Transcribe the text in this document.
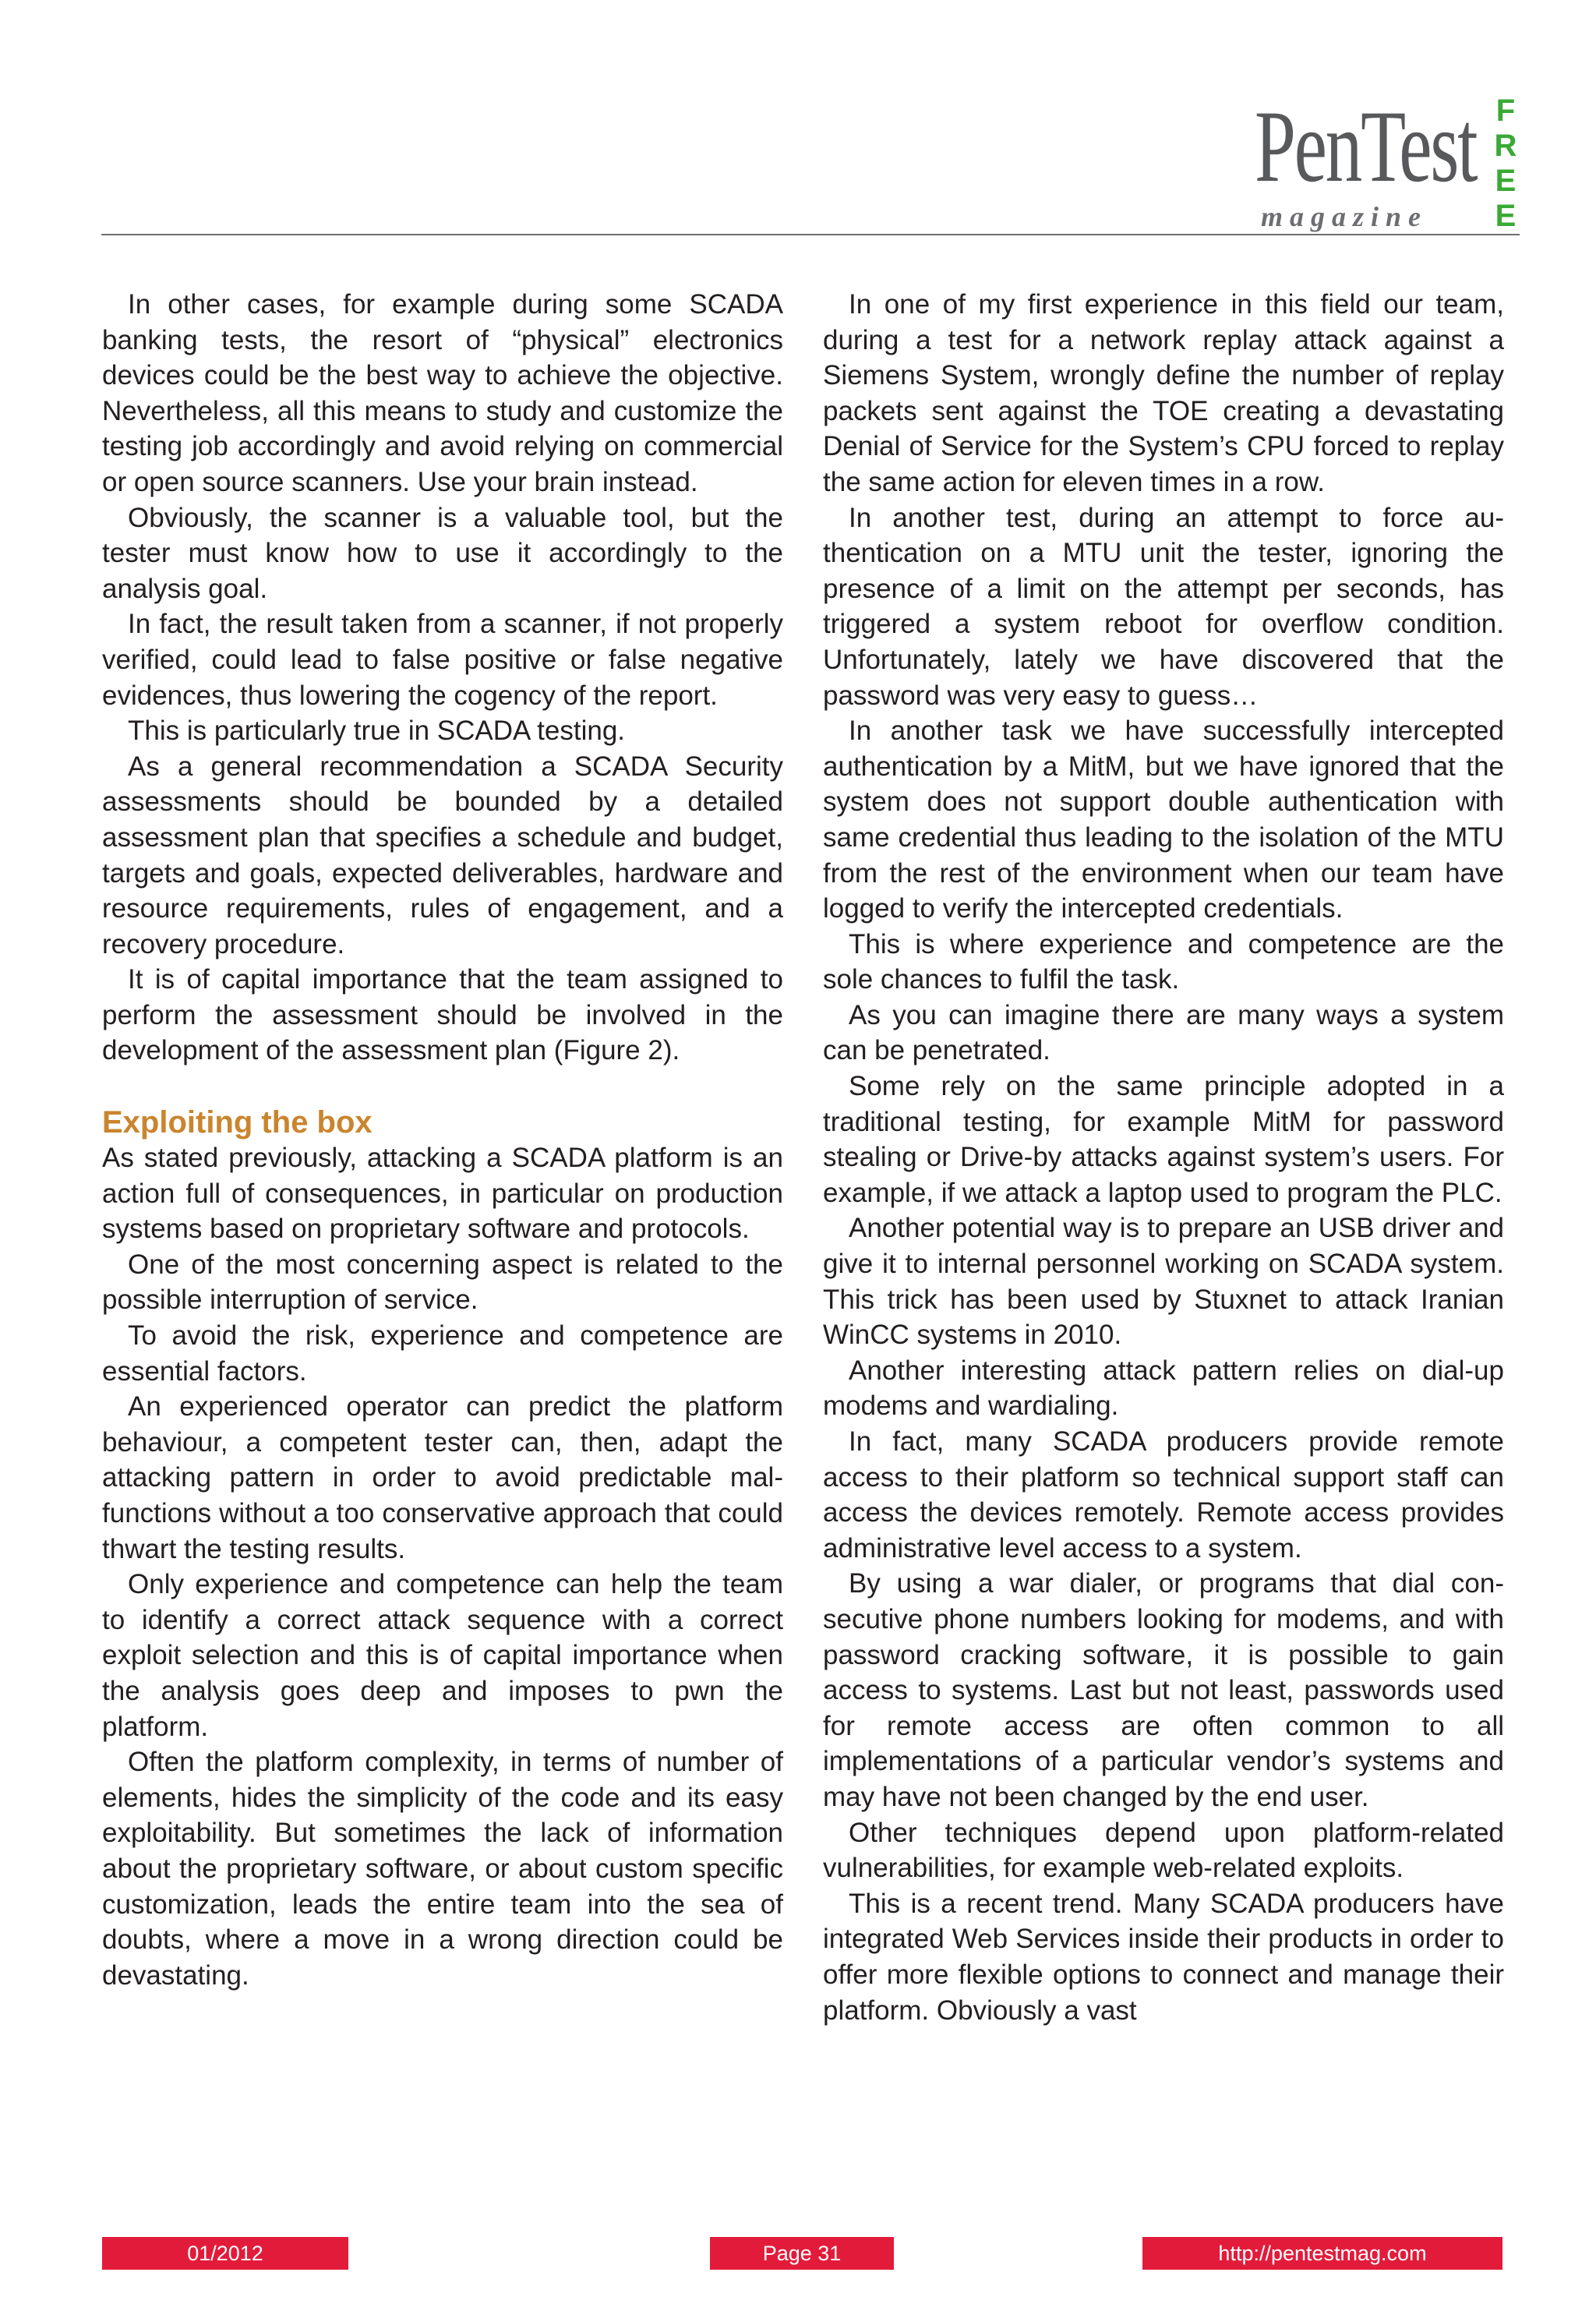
PenTest

magazine

F
R
E
E

In other cases, for example during some SCADA banking tests, the resort of “physical” electronics devices could be the best way to achieve the objective. Nevertheless, all this means to study and customize the testing job accordingly and avoid relying on commercial or open source scanners. Use your brain instead.

Obviously, the scanner is a valuable tool, but the tester must know how to use it accordingly to the analysis goal.

In fact, the result taken from a scanner, if not properly verified, could lead to false positive or false negative evidences, thus lowering the cogency of the report.

This is particularly true in SCADA testing.

As a general recommendation a SCADA Security assessments should be bounded by a detailed assessment plan that specifies a schedule and budget, targets and goals, expected deliverables, hardware and resource requirements, rules of engagement, and a recovery procedure.

It is of capital importance that the team assigned to perform the assessment should be involved in the development of the assessment plan (Figure 2).

Exploiting the box

As stated previously, attacking a SCADA platform is an action full of consequences, in particular on production systems based on proprietary software and protocols.

One of the most concerning aspect is related to the possible interruption of service.

To avoid the risk, experience and competence are essential factors.

An experienced operator can predict the platform behaviour, a competent tester can, then, adapt the attacking pattern in order to avoid predictable malfunctions without a too conservative approach that could thwart the testing results.

Only experience and competence can help the team to identify a correct attack sequence with a correct exploit selection and this is of capital importance when the analysis goes deep and imposes to pwn the platform.

Often the platform complexity, in terms of number of elements, hides the simplicity of the code and its easy exploitability. But sometimes the lack of information about the proprietary software, or about custom specific customization, leads the entire team into the sea of doubts, where a move in a wrong direction could be devastating.

In one of my first experience in this field our team, during a test for a network replay attack against a Siemens System, wrongly define the number of replay packets sent against the TOE creating a devastating Denial of Service for the System’s CPU forced to replay the same action for eleven times in a row.

In another test, during an attempt to force authentication on a MTU unit the tester, ignoring the presence of a limit on the attempt per seconds, has triggered a system reboot for overflow condition. Unfortunately, lately we have discovered that the password was very easy to guess…

In another task we have successfully intercepted authentication by a MitM, but we have ignored that the system does not support double authentication with same credential thus leading to the isolation of the MTU from the rest of the environment when our team have logged to verify the intercepted credentials.

This is where experience and competence are the sole chances to fulfil the task.

As you can imagine there are many ways a system can be penetrated.

Some rely on the same principle adopted in a traditional testing, for example MitM for password stealing or Drive-by attacks against system’s users. For example, if we attack a laptop used to program the PLC.

Another potential way is to prepare an USB driver and give it to internal personnel working on SCADA system. This trick has been used by Stuxnet to attack Iranian WinCC systems in 2010.

Another interesting attack pattern relies on dial-up modems and wardialing.

In fact, many SCADA producers provide remote access to their platform so technical support staff can access the devices remotely. Remote access provides administrative level access to a system.

By using a war dialer, or programs that dial consecutive phone numbers looking for modems, and with password cracking software, it is possible to gain access to systems. Last but not least, passwords used for remote access are often common to all implementations of a particular vendor’s systems and may have not been changed by the end user.

Other techniques depend upon platform-related vulnerabilities, for example web-related exploits.

This is a recent trend. Many SCADA producers have integrated Web Services inside their products in order to offer more flexible options to connect and manage their platform. Obviously a vast

01/2012	Page 31	http://pentestmag.com
